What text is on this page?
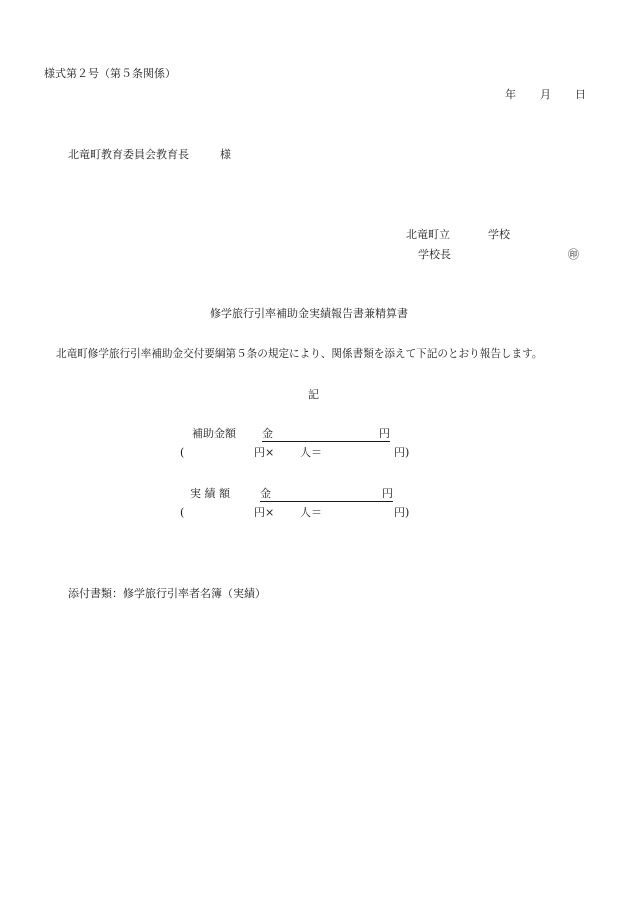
様式第２号（第５条関係）
年 月 日
北竜町教育委員会教育長	様
北竜町立	学校
学校長	㊞
修学旅行引率補助金実績報告書兼精算書
北竜町修学旅行引率補助金交付要綱第５条の規定により、関係書類を添えて下記のとおり報告します。
記
補助金額 金	円
(	円× 人＝	円)
実 績 額	金	円
(	円× 人＝	円)
添付書類：修学旅行引率者名簿（実績）
